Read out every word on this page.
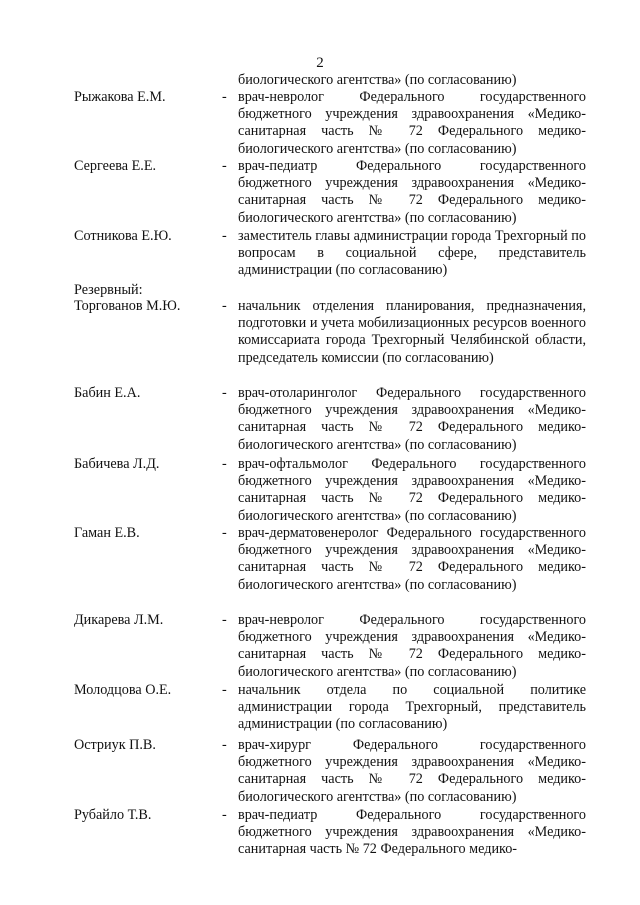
2
биологического агентства» (по согласованию)
Рыжакова Е.М.	- врач-невролог Федерального государственного бюджетного учреждения здравоохранения «Медико-санитарная часть № 72 Федерального медико-биологического агентства» (по согласованию)
Сергеева Е.Е.	- врач-педиатр Федерального государственного бюджетного учреждения здравоохранения «Медико-санитарная часть № 72 Федерального медико-биологического агентства» (по согласованию)
Сотникова Е.Ю.	- заместитель главы администрации города Трехгорный по вопросам в социальной сфере, представитель администрации (по согласованию)
Резервный:
Торгованов М.Ю.	- начальник отделения планирования, предназначения, подготовки и учета мобилизационных ресурсов военного комиссариата города Трехгорный Челябинской области, председатель комиссии (по согласованию)
Бабин Е.А.	- врач-отоларинголог Федерального государственного бюджетного учреждения здравоохранения «Медико-санитарная часть № 72 Федерального медико-биологического агентства» (по согласованию)
Бабичева Л.Д.	- врач-офтальмолог Федерального государственного бюджетного учреждения здравоохранения «Медико-санитарная часть № 72 Федерального медико-биологического агентства» (по согласованию)
Гаман Е.В.	- врач-дерматовенеролог Федерального государственного бюджетного учреждения здравоохранения «Медико-санитарная часть № 72 Федерального медико-биологического агентства» (по согласованию)
Дикарева Л.М.	- врач-невролог Федерального государственного бюджетного учреждения здравоохранения «Медико-санитарная часть № 72 Федерального медико-биологического агентства» (по согласованию)
Молодцова О.Е.	- начальник отдела по социальной политике администрации города Трехгорный, представитель администрации (по согласованию)
Остриук П.В.	- врач-хирург Федерального государственного бюджетного учреждения здравоохранения «Медико-санитарная часть № 72 Федерального медико-биологического агентства» (по согласованию)
Рубайло Т.В.	- врач-педиатр Федерального государственного бюджетного учреждения здравоохранения «Медико-санитарная часть № 72 Федерального медико-
